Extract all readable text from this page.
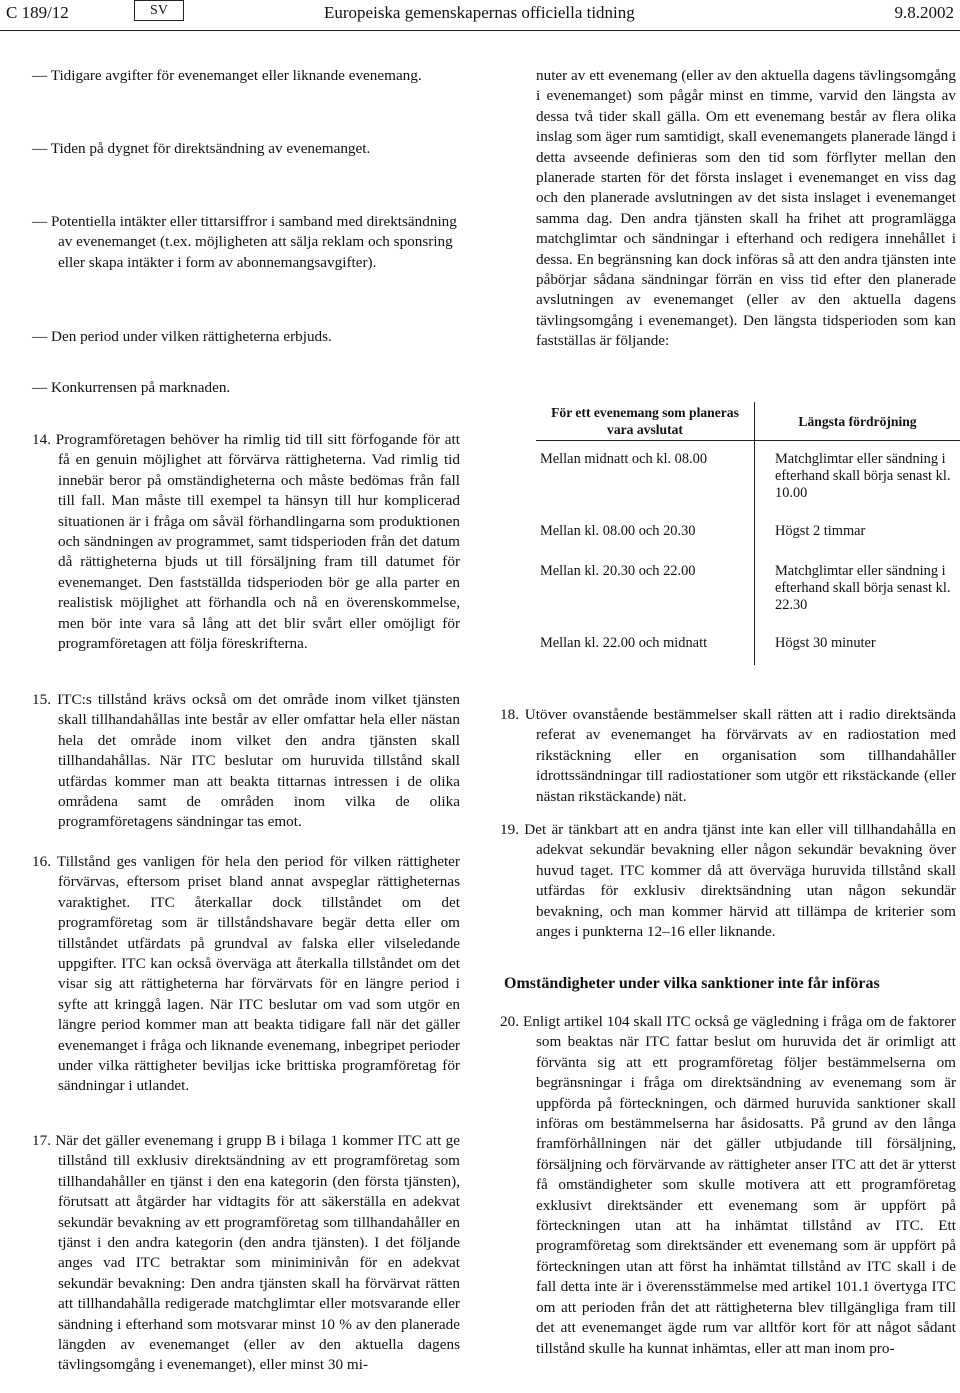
C 189/12	SV	Europeiska gemenskapernas officiella tidning	9.8.2002

— Tidigare avgifter för evenemanget eller liknande evenemang.

— Tiden på dygnet för direktsändning av evenemanget.

— Potentiella intäkter eller tittarsiffror i samband med direktsändning av evenemanget (t.ex. möjligheten att sälja reklam och sponsring eller skapa intäkter i form av abonnemangsavgifter).

— Den period under vilken rättigheterna erbjuds.

— Konkurrensen på marknaden.

14. Programföretagen behöver ha rimlig tid till sitt förfogande för att få en genuin möjlighet att förvärva rättigheterna. Vad rimlig tid innebär beror på omständigheterna och måste bedömas från fall till fall. Man måste till exempel ta hänsyn till hur komplicerad situationen är i fråga om såväl förhandlingarna som produktionen och sändningen av programmet, samt tidsperioden från det datum då rättigheterna bjuds ut till försäljning fram till datumet för evenemanget. Den fastställda tidsperioden bör ge alla parter en realistisk möjlighet att förhandla och nå en överenskommelse, men bör inte vara så lång att det blir svårt eller omöjligt för programföretagen att följa föreskrifterna.

15. ITC:s tillstånd krävs också om det område inom vilket tjänsten skall tillhandahållas inte består av eller omfattar hela eller nästan hela det område inom vilket den andra tjänsten skall tillhandahållas. När ITC beslutar om huruvida tillstånd skall utfärdas kommer man att beakta tittarnas intressen i de olika områdena samt de områden inom vilka de olika programföretagens sändningar tas emot.

16. Tillstånd ges vanligen för hela den period för vilken rättigheter förvärvas, eftersom priset bland annat avspeglar rättigheternas varaktighet. ITC återkallar dock tillståndet om det programföretag som är tillståndshavare begär detta eller om tillståndet utfärdats på grundval av falska eller vilseledande uppgifter. ITC kan också överväga att återkalla tillståndet om det visar sig att rättigheterna har förvärvats för en längre period i syfte att kringgå lagen. När ITC beslutar om vad som utgör en längre period kommer man att beakta tidigare fall när det gäller evenemanget i fråga och liknande evenemang, inbegripet perioder under vilka rättigheter beviljas icke brittiska programföretag för sändningar i utlandet.

17. När det gäller evenemang i grupp B i bilaga 1 kommer ITC att ge tillstånd till exklusiv direktsändning av ett programföretag som tillhandahåller en tjänst i den ena kategorin (den första tjänsten), förutsatt att åtgärder har vidtagits för att säkerställa en adekvat sekundär bevakning av ett programföretag som tillhandahåller en tjänst i den andra kategorin (den andra tjänsten). I det följande anges vad ITC betraktar som miniminivån för en adekvat sekundär bevakning: Den andra tjänsten skall ha förvärvat rätten att tillhandahålla redigerade matchglimtar eller motsvarande eller sändning i efterhand som motsvarar minst 10 % av den planerade längden av evenemanget (eller av den aktuella dagens tävlingsomgång i evenemanget), eller minst 30 mi-

nuter av ett evenemang (eller av den aktuella dagens tävlingsomgång i evenemanget) som pågår minst en timme, varvid den längsta av dessa två tider skall gälla. Om ett evenemang består av flera olika inslag som äger rum samtidigt, skall evenemangets planerade längd i detta avseende definieras som den tid som förflyter mellan den planerade starten för det första inslaget i evenemanget en viss dag och den planerade avslutningen av det sista inslaget i evenemanget samma dag. Den andra tjänsten skall ha frihet att programlägga matchglimtar och sändningar i efterhand och redigera innehållet i dessa. En begränsning kan dock införas så att den andra tjänsten inte påbörjar sådana sändningar förrän en viss tid efter den planerade avslutningen av evenemanget (eller av den aktuella dagens tävlingsomgång i evenemanget). Den längsta tidsperioden som kan fastställas är följande:

18. Utöver ovanstående bestämmelser skall rätten att i radio direktsända referat av evenemanget ha förvärvats av en radiostation med rikstäckning eller en organisation som tillhandahåller idrottssändningar till radiostationer som utgör ett rikstäckande (eller nästan rikstäckande) nät.

19. Det är tänkbart att en andra tjänst inte kan eller vill tillhandahålla en adekvat sekundär bevakning eller någon sekundär bevakning över huvud taget. ITC kommer då att överväga huruvida tillstånd skall utfärdas för exklusiv direktsändning utan någon sekundär bevakning, och man kommer härvid att tillämpa de kriterier som anges i punkterna 12–16 eller liknande.

Omständigheter under vilka sanktioner inte får införas

20. Enligt artikel 104 skall ITC också ge vägledning i fråga om de faktorer som beaktas när ITC fattar beslut om huruvida det är orimligt att förvänta sig att ett programföretag följer bestämmelserna om begränsningar i fråga om direktsändning av evenemang som är uppförda på förteckningen, och därmed huruvida sanktioner skall införas om bestämmelserna har åsidosatts. På grund av den långa framförhållningen när det gäller utbjudande till försäljning, försäljning och förvärvande av rättigheter anser ITC att det är ytterst få omständigheter som skulle motivera att ett programföretag exklusivt direktsänder ett evenemang som är uppfört på förteckningen utan att ha inhämtat tillstånd av ITC. Ett programföretag som direktsänder ett evenemang som är uppfört på förteckningen utan att först ha inhämtat tillstånd av ITC skall i de fall detta inte är i överensstämmelse med artikel 101.1 övertyga ITC om att perioden från det att rättigheterna blev tillgängliga fram till det att evenemanget ägde rum var alltför kort för att något sådant tillstånd skulle ha kunnat inhämtas, eller att man inom pro-

För ett evenemang som planeras vara avslutat	Längsta fördröjning
Mellan midnatt och kl. 08.00	Matchglimtar eller sändning i efterhand skall börja senast kl. 10.00
Mellan kl. 08.00 och 20.30	Högst 2 timmar
Mellan kl. 20.30 och 22.00	Matchglimtar eller sändning i efterhand skall börja senast kl. 22.30
Mellan kl. 22.00 och midnatt	Högst 30 minuter
